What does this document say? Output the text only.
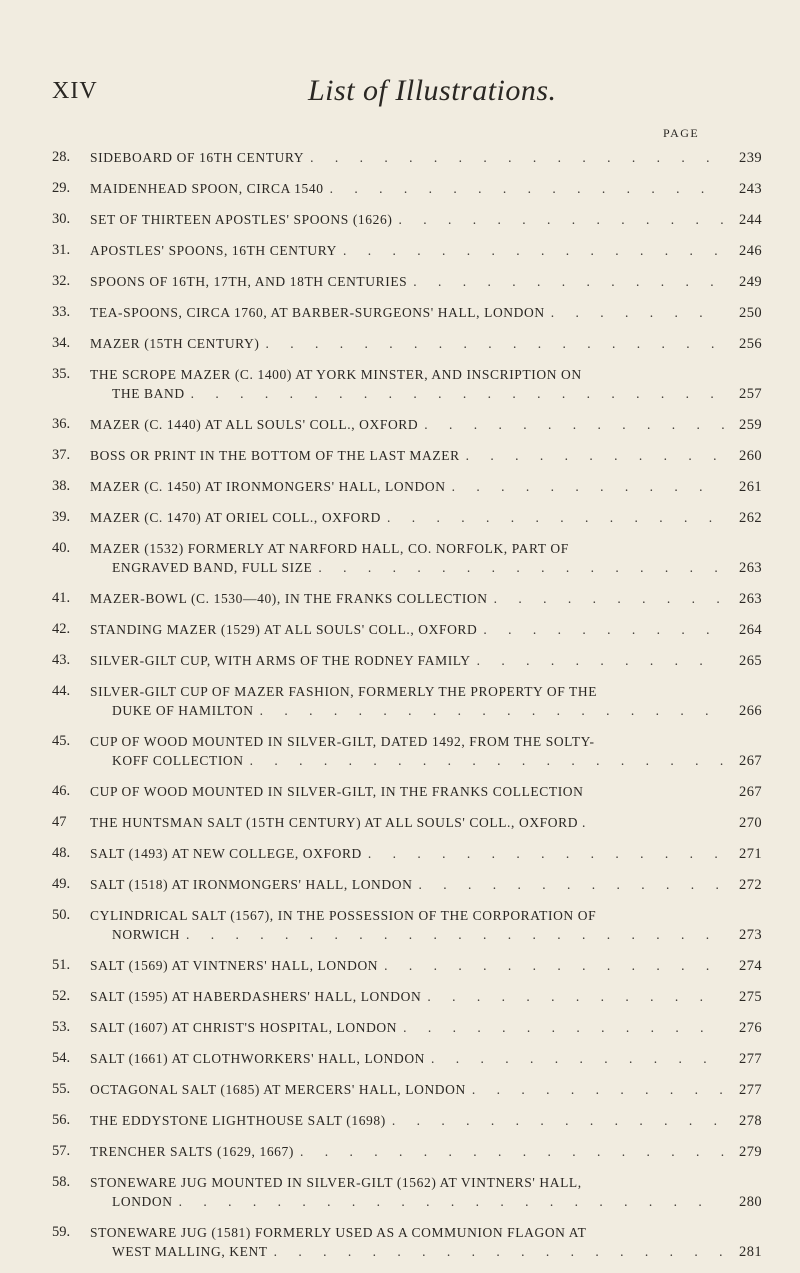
XIV	List of Illustrations.
PAGE
28.	SIDEBOARD OF 16TH CENTURY . . .	239
29.	MAIDENHEAD SPOON, CIRCA 1540 . . .	243
30.	SET OF THIRTEEN APOSTLES' SPOONS (1626) . . .	244
31.	APOSTLES' SPOONS, 16TH CENTURY . . .	246
32.	SPOONS OF 16TH, 17TH, AND 18TH CENTURIES . . .	249
33.	TEA-SPOONS, CIRCA 1760, AT BARBER-SURGEONS' HALL, LONDON . . .	250
34.	MAZER (15TH CENTURY) . . .	256
35.	THE SCROPE MAZER (C. 1400) AT YORK MINSTER, AND INSCRIPTION ON
THE BAND . . .	257
36.	MAZER (C. 1440) AT ALL SOULS' COLL., OXFORD . . .	259
37.	BOSS OR PRINT IN THE BOTTOM OF THE LAST MAZER . . .	260
38.	MAZER (C. 1450) AT IRONMONGERS' HALL, LONDON . . .	261
39.	MAZER (C. 1470) AT ORIEL COLL., OXFORD . . .	262
40.	MAZER (1532) FORMERLY AT NARFORD HALL, CO. NORFOLK, PART OF
ENGRAVED BAND, FULL SIZE . . .	263
41.	MAZER-BOWL (C. 1530—40), IN THE FRANKS COLLECTION . . .	263
42.	STANDING MAZER (1529) AT ALL SOULS' COLL., OXFORD . . .	264
43.	SILVER-GILT CUP, WITH ARMS OF THE RODNEY FAMILY . . .	265
44.	SILVER-GILT CUP OF MAZER FASHION, FORMERLY THE PROPERTY OF THE
DUKE OF HAMILTON . . .	266
45.	CUP OF WOOD MOUNTED IN SILVER-GILT, DATED 1492, FROM THE SOLTY-
KOFF COLLECTION . . .	267
46.	CUP OF WOOD MOUNTED IN SILVER-GILT, IN THE FRANKS COLLECTION	267
47	THE HUNTSMAN SALT (15TH CENTURY) AT ALL SOULS' COLL., OXFORD .	270
48.	SALT (1493) AT NEW COLLEGE, OXFORD . . .	271
49.	SALT (1518) AT IRONMONGERS' HALL, LONDON . . .	272
50.	CYLINDRICAL SALT (1567), IN THE POSSESSION OF THE CORPORATION OF
NORWICH . . .	273
51.	SALT (1569) AT VINTNERS' HALL, LONDON . . .	274
52.	SALT (1595) AT HABERDASHERS' HALL, LONDON . . .	275
53.	SALT (1607) AT CHRIST'S HOSPITAL, LONDON . . .	276
54.	SALT (1661) AT CLOTHWORKERS' HALL, LONDON . . .	277
55.	OCTAGONAL SALT (1685) AT MERCERS' HALL, LONDON . . .	277
56.	THE EDDYSTONE LIGHTHOUSE SALT (1698) . . .	278
57.	TRENCHER SALTS (1629, 1667) . . .	279
58.	STONEWARE JUG MOUNTED IN SILVER-GILT (1562) AT VINTNERS' HALL,
LONDON . . .	280
59.	STONEWARE JUG (1581) FORMERLY USED AS A COMMUNION FLAGON AT
WEST MALLING, KENT . . .	281
